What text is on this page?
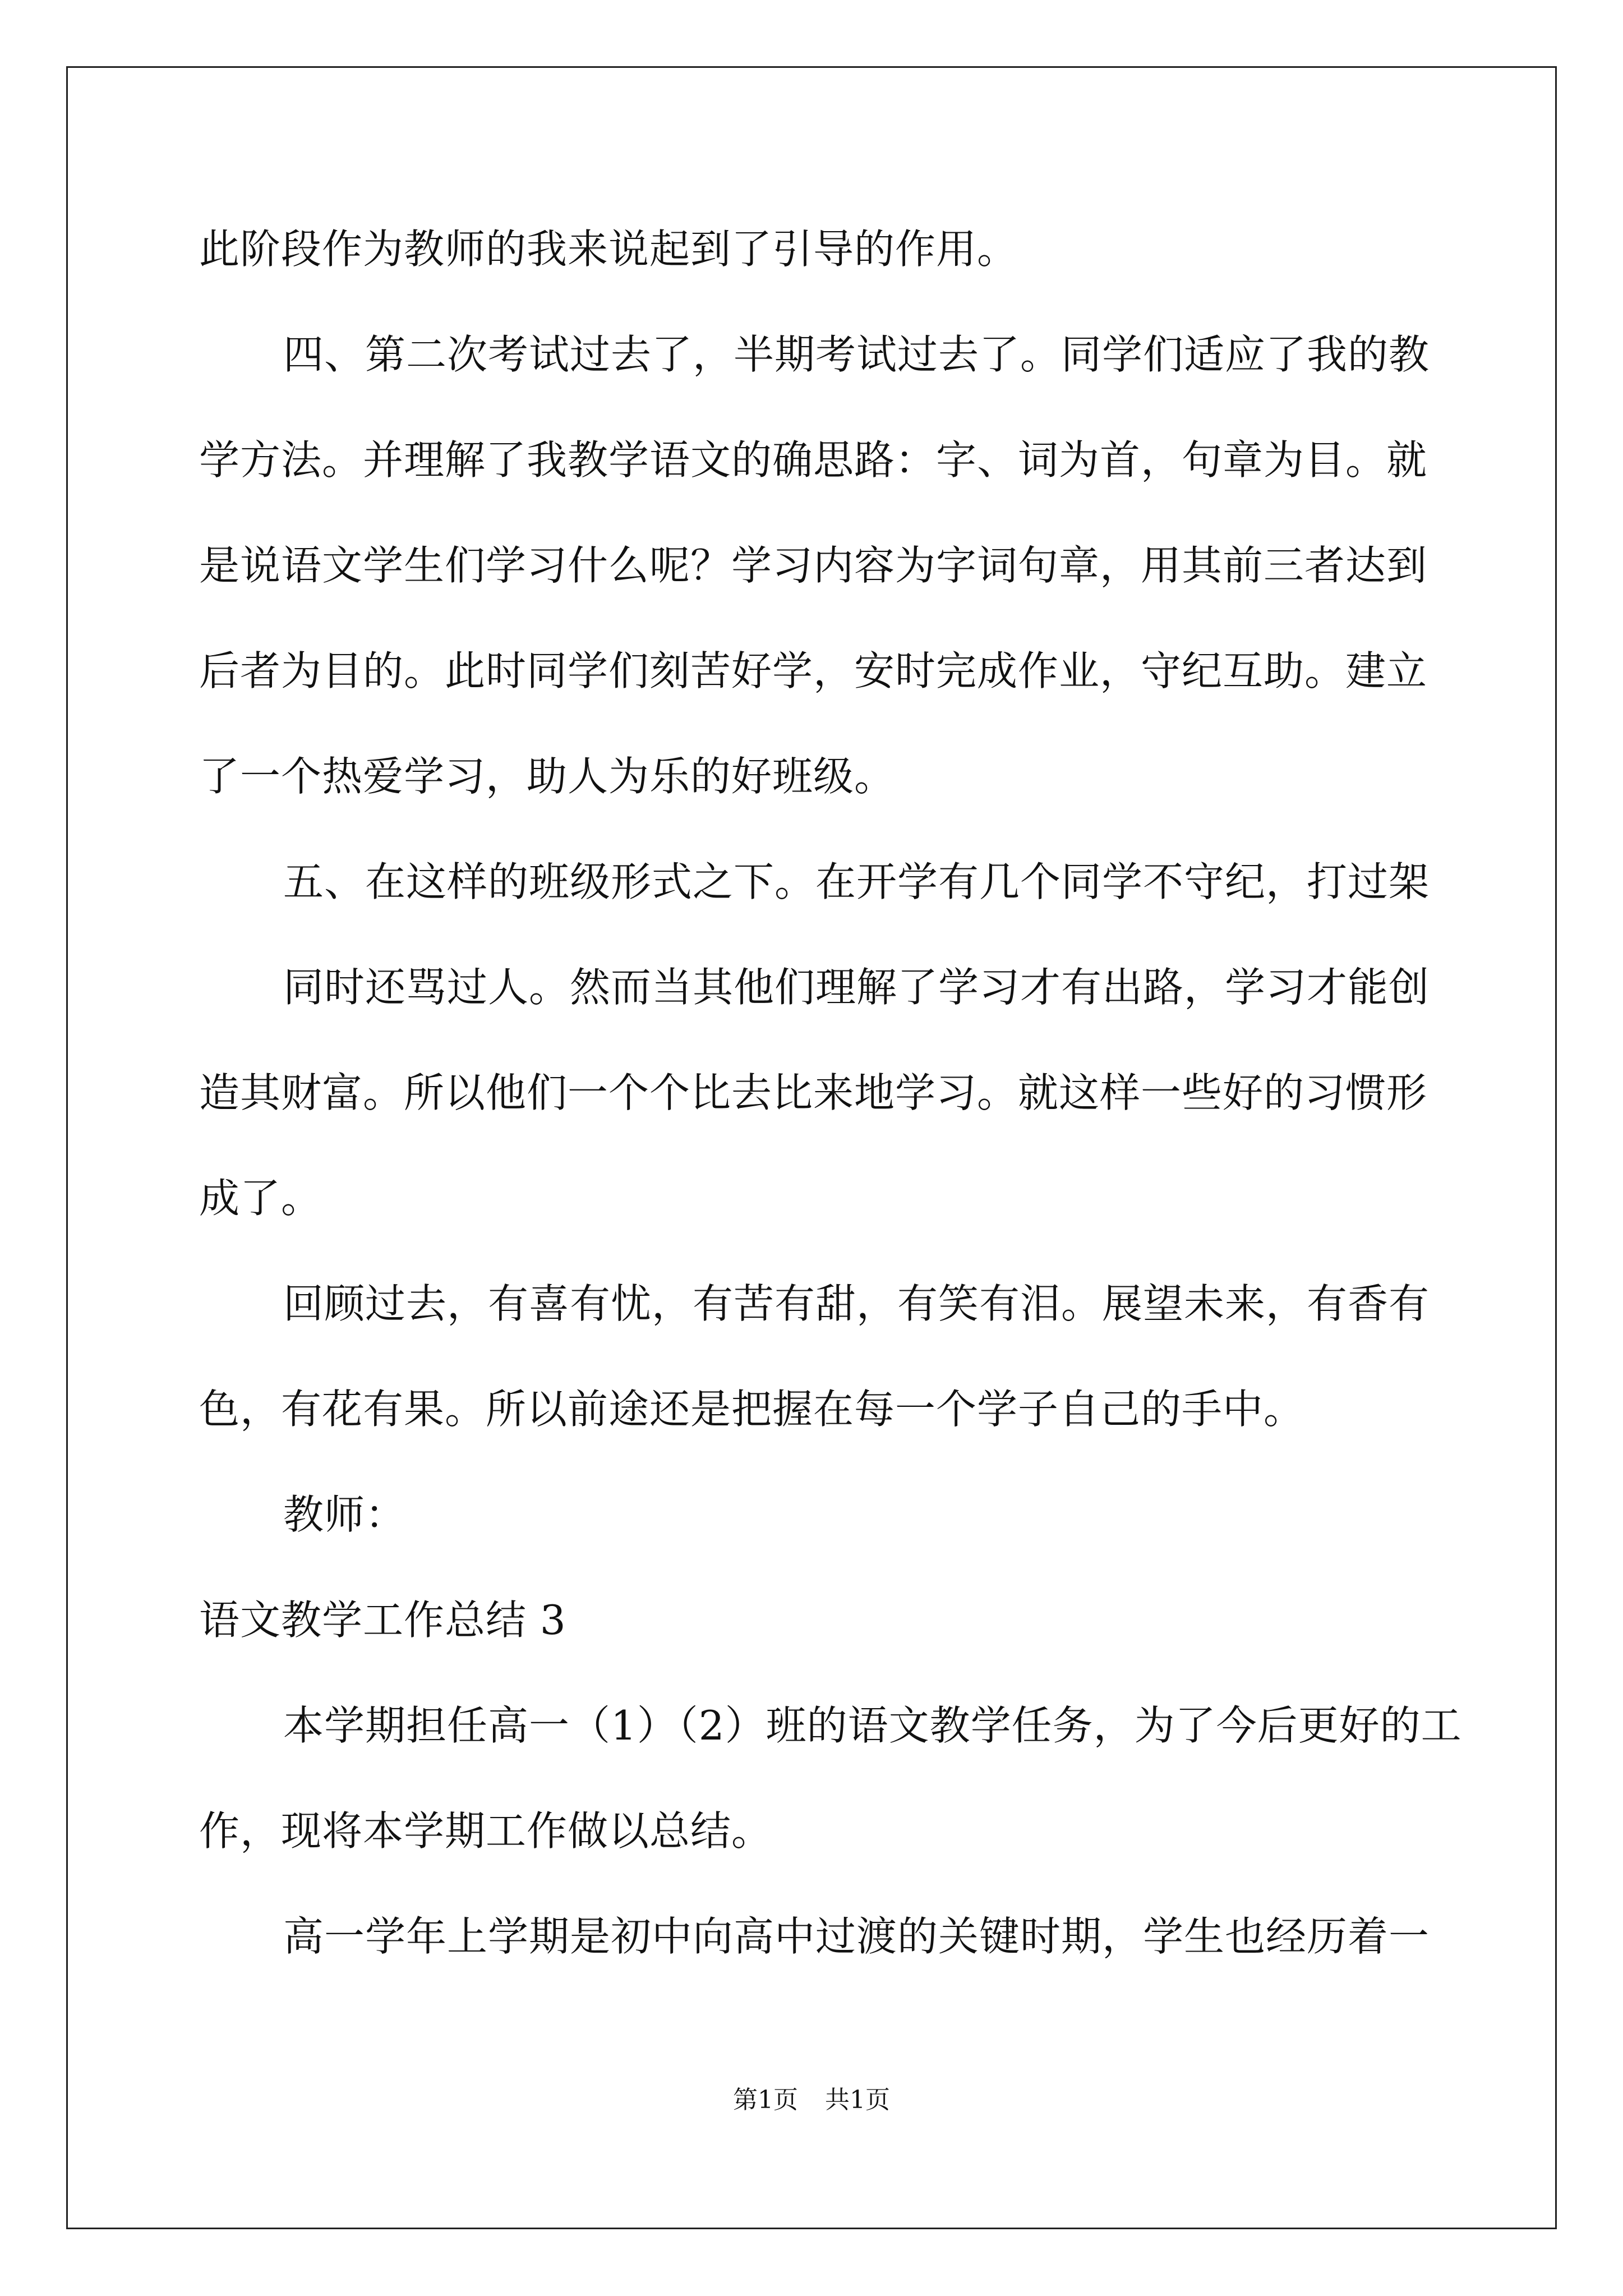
此阶段作为教师的我来说起到了引导的作用。
四、第二次考试过去了，半期考试过去了。同学们适应了我的教
学方法。并理解了我教学语文的确思路：字、词为首，句章为目。就
是说语文学生们学习什么呢？学习内容为字词句章，用其前三者达到
后者为目的。此时同学们刻苦好学，安时完成作业，守纪互助。建立
了一个热爱学习，助人为乐的好班级。
五、在这样的班级形式之下。在开学有几个同学不守纪，打过架
同时还骂过人。然而当其他们理解了学习才有出路，学习才能创
造其财富。所以他们一个个比去比来地学习。就这样一些好的习惯形
成了。
回顾过去，有喜有忧，有苦有甜，有笑有泪。展望未来，有香有
色，有花有果。所以前途还是把握在每一个学子自己的手中。
教师：
语文教学工作总结 3
本学期担任高一（1）（2）班的语文教学任务，为了今后更好的工
作，现将本学期工作做以总结。
高一学年上学期是初中向高中过渡的关键时期，学生也经历着一
第1页 共1页
